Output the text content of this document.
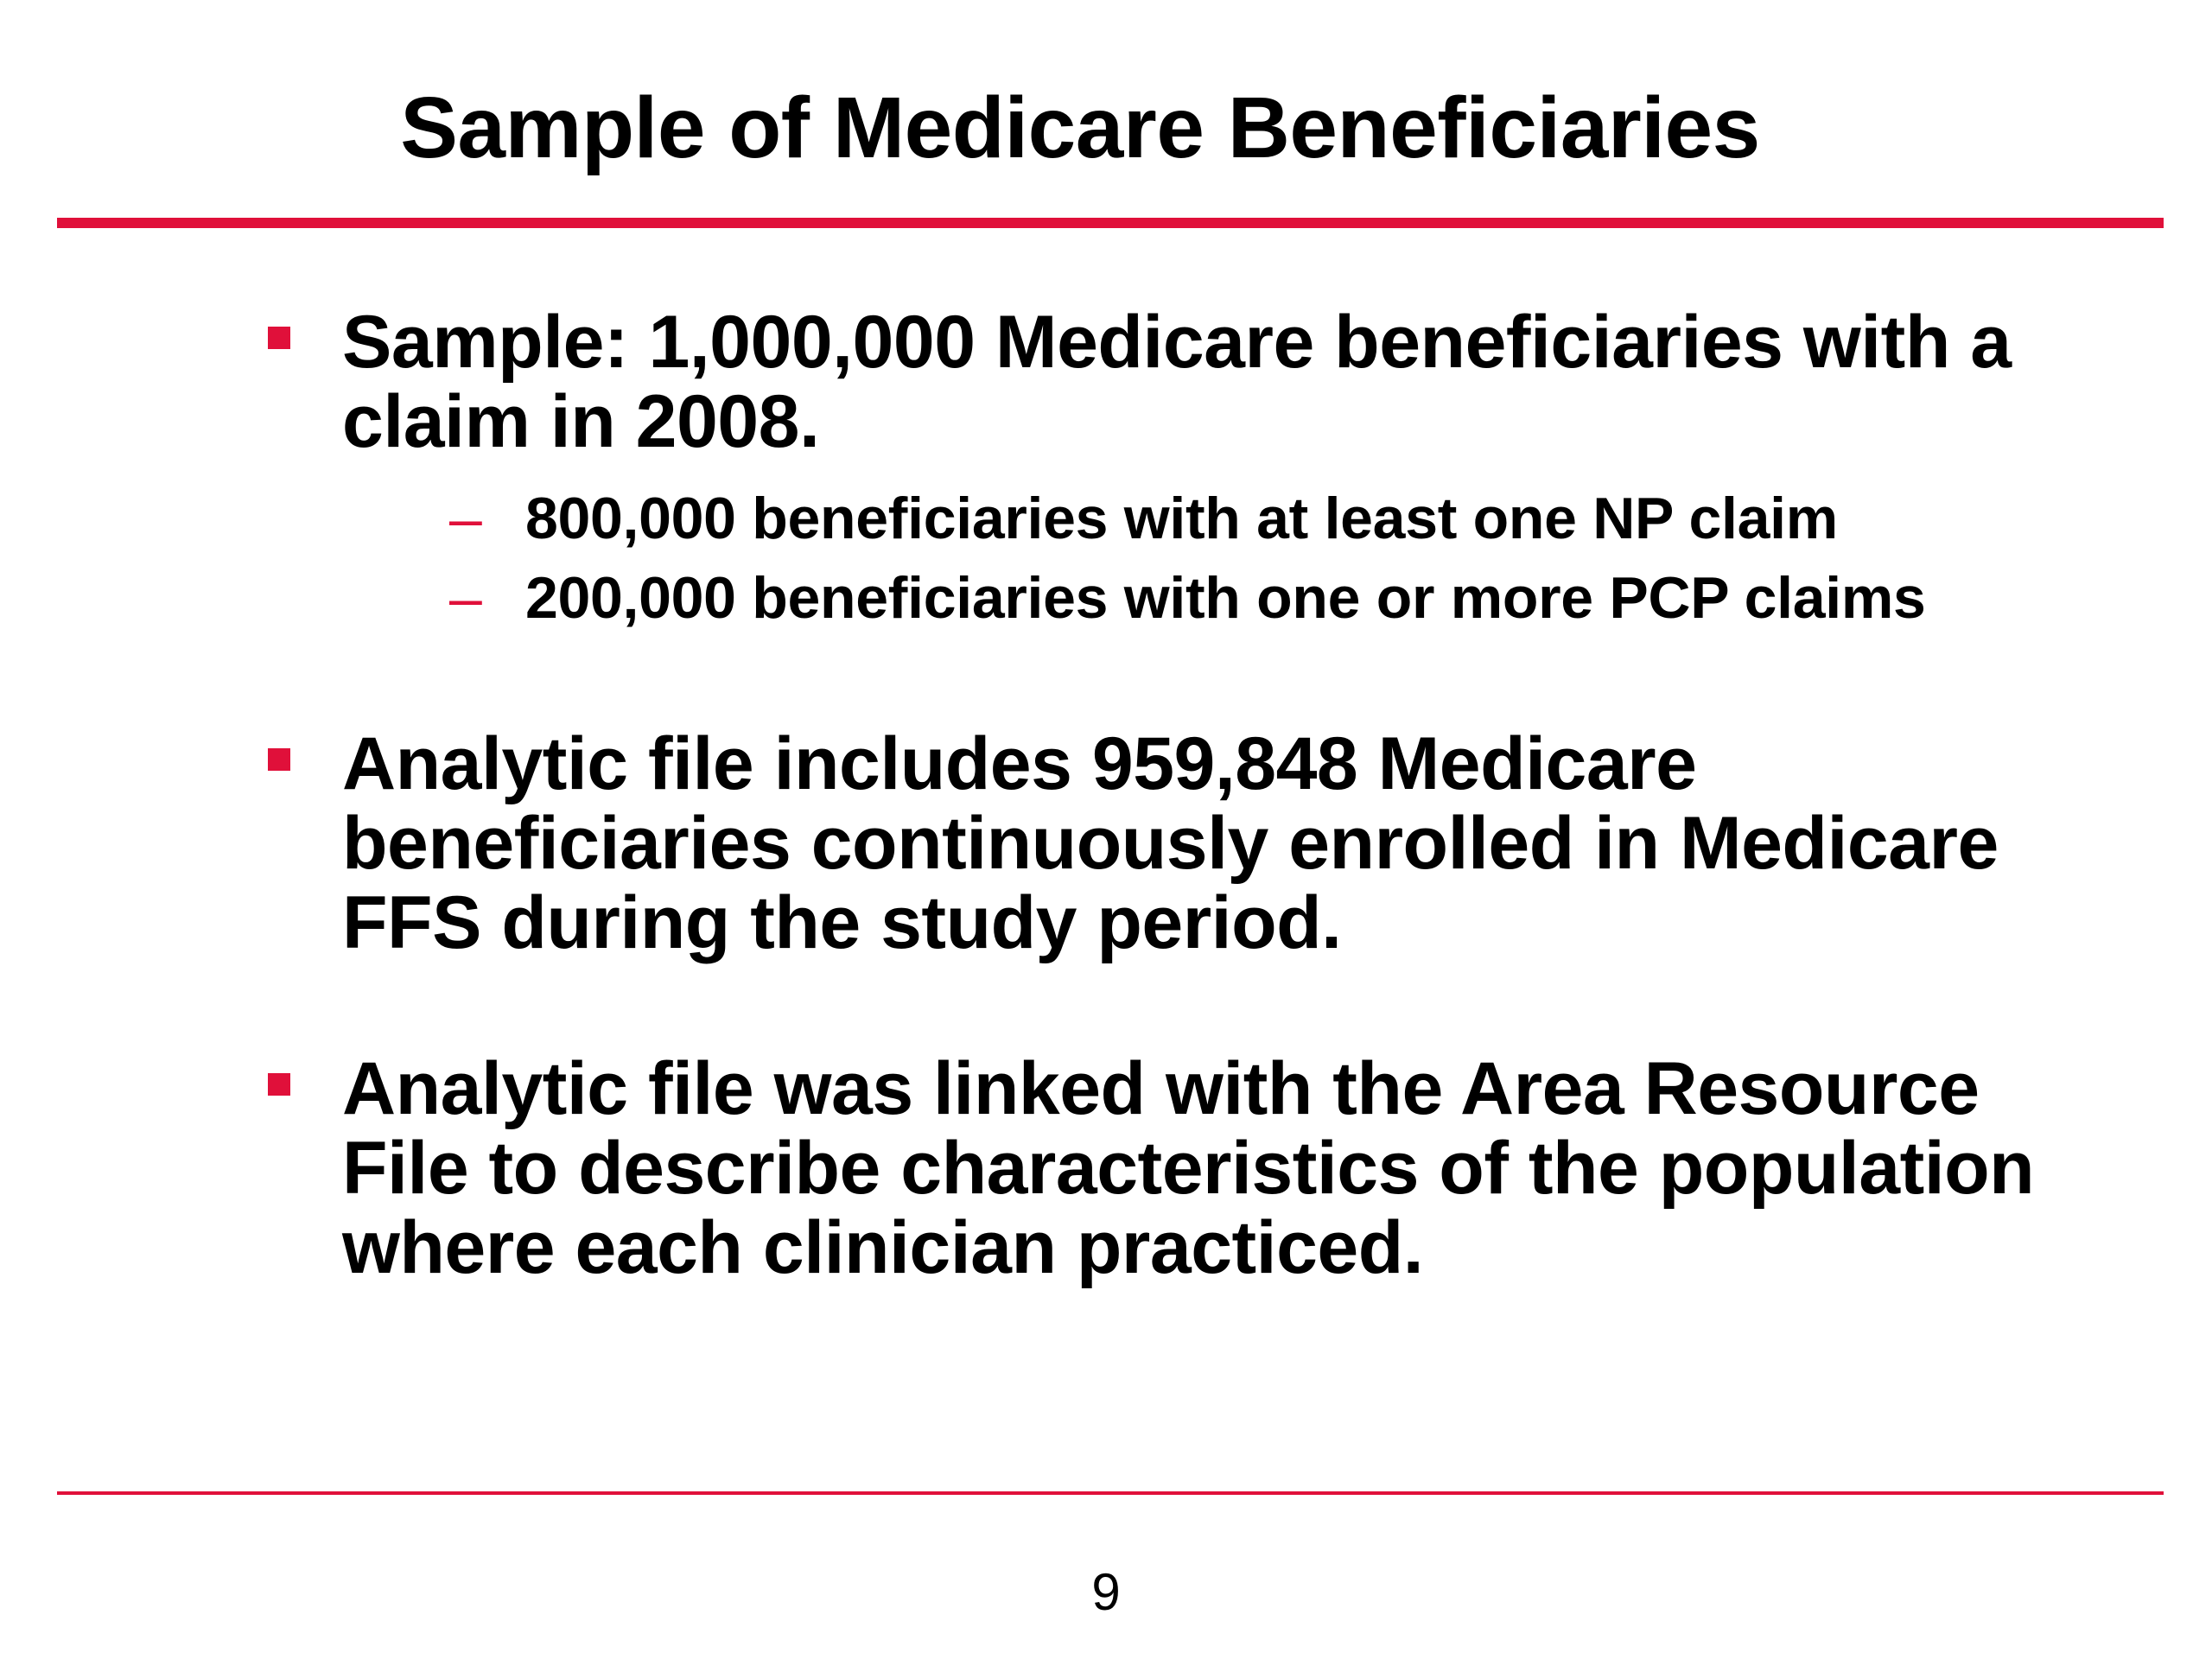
Sample of Medicare Beneficiaries
Sample: 1,000,000 Medicare beneficiaries with a claim in 2008.
– 800,000 beneficiaries with at least one NP claim
– 200,000 beneficiaries with one or more PCP claims
Analytic file includes 959,848 Medicare beneficiaries continuously enrolled in Medicare FFS during the study period.
Analytic file was linked with the Area Resource File to describe characteristics of the population where each clinician practiced.
9
